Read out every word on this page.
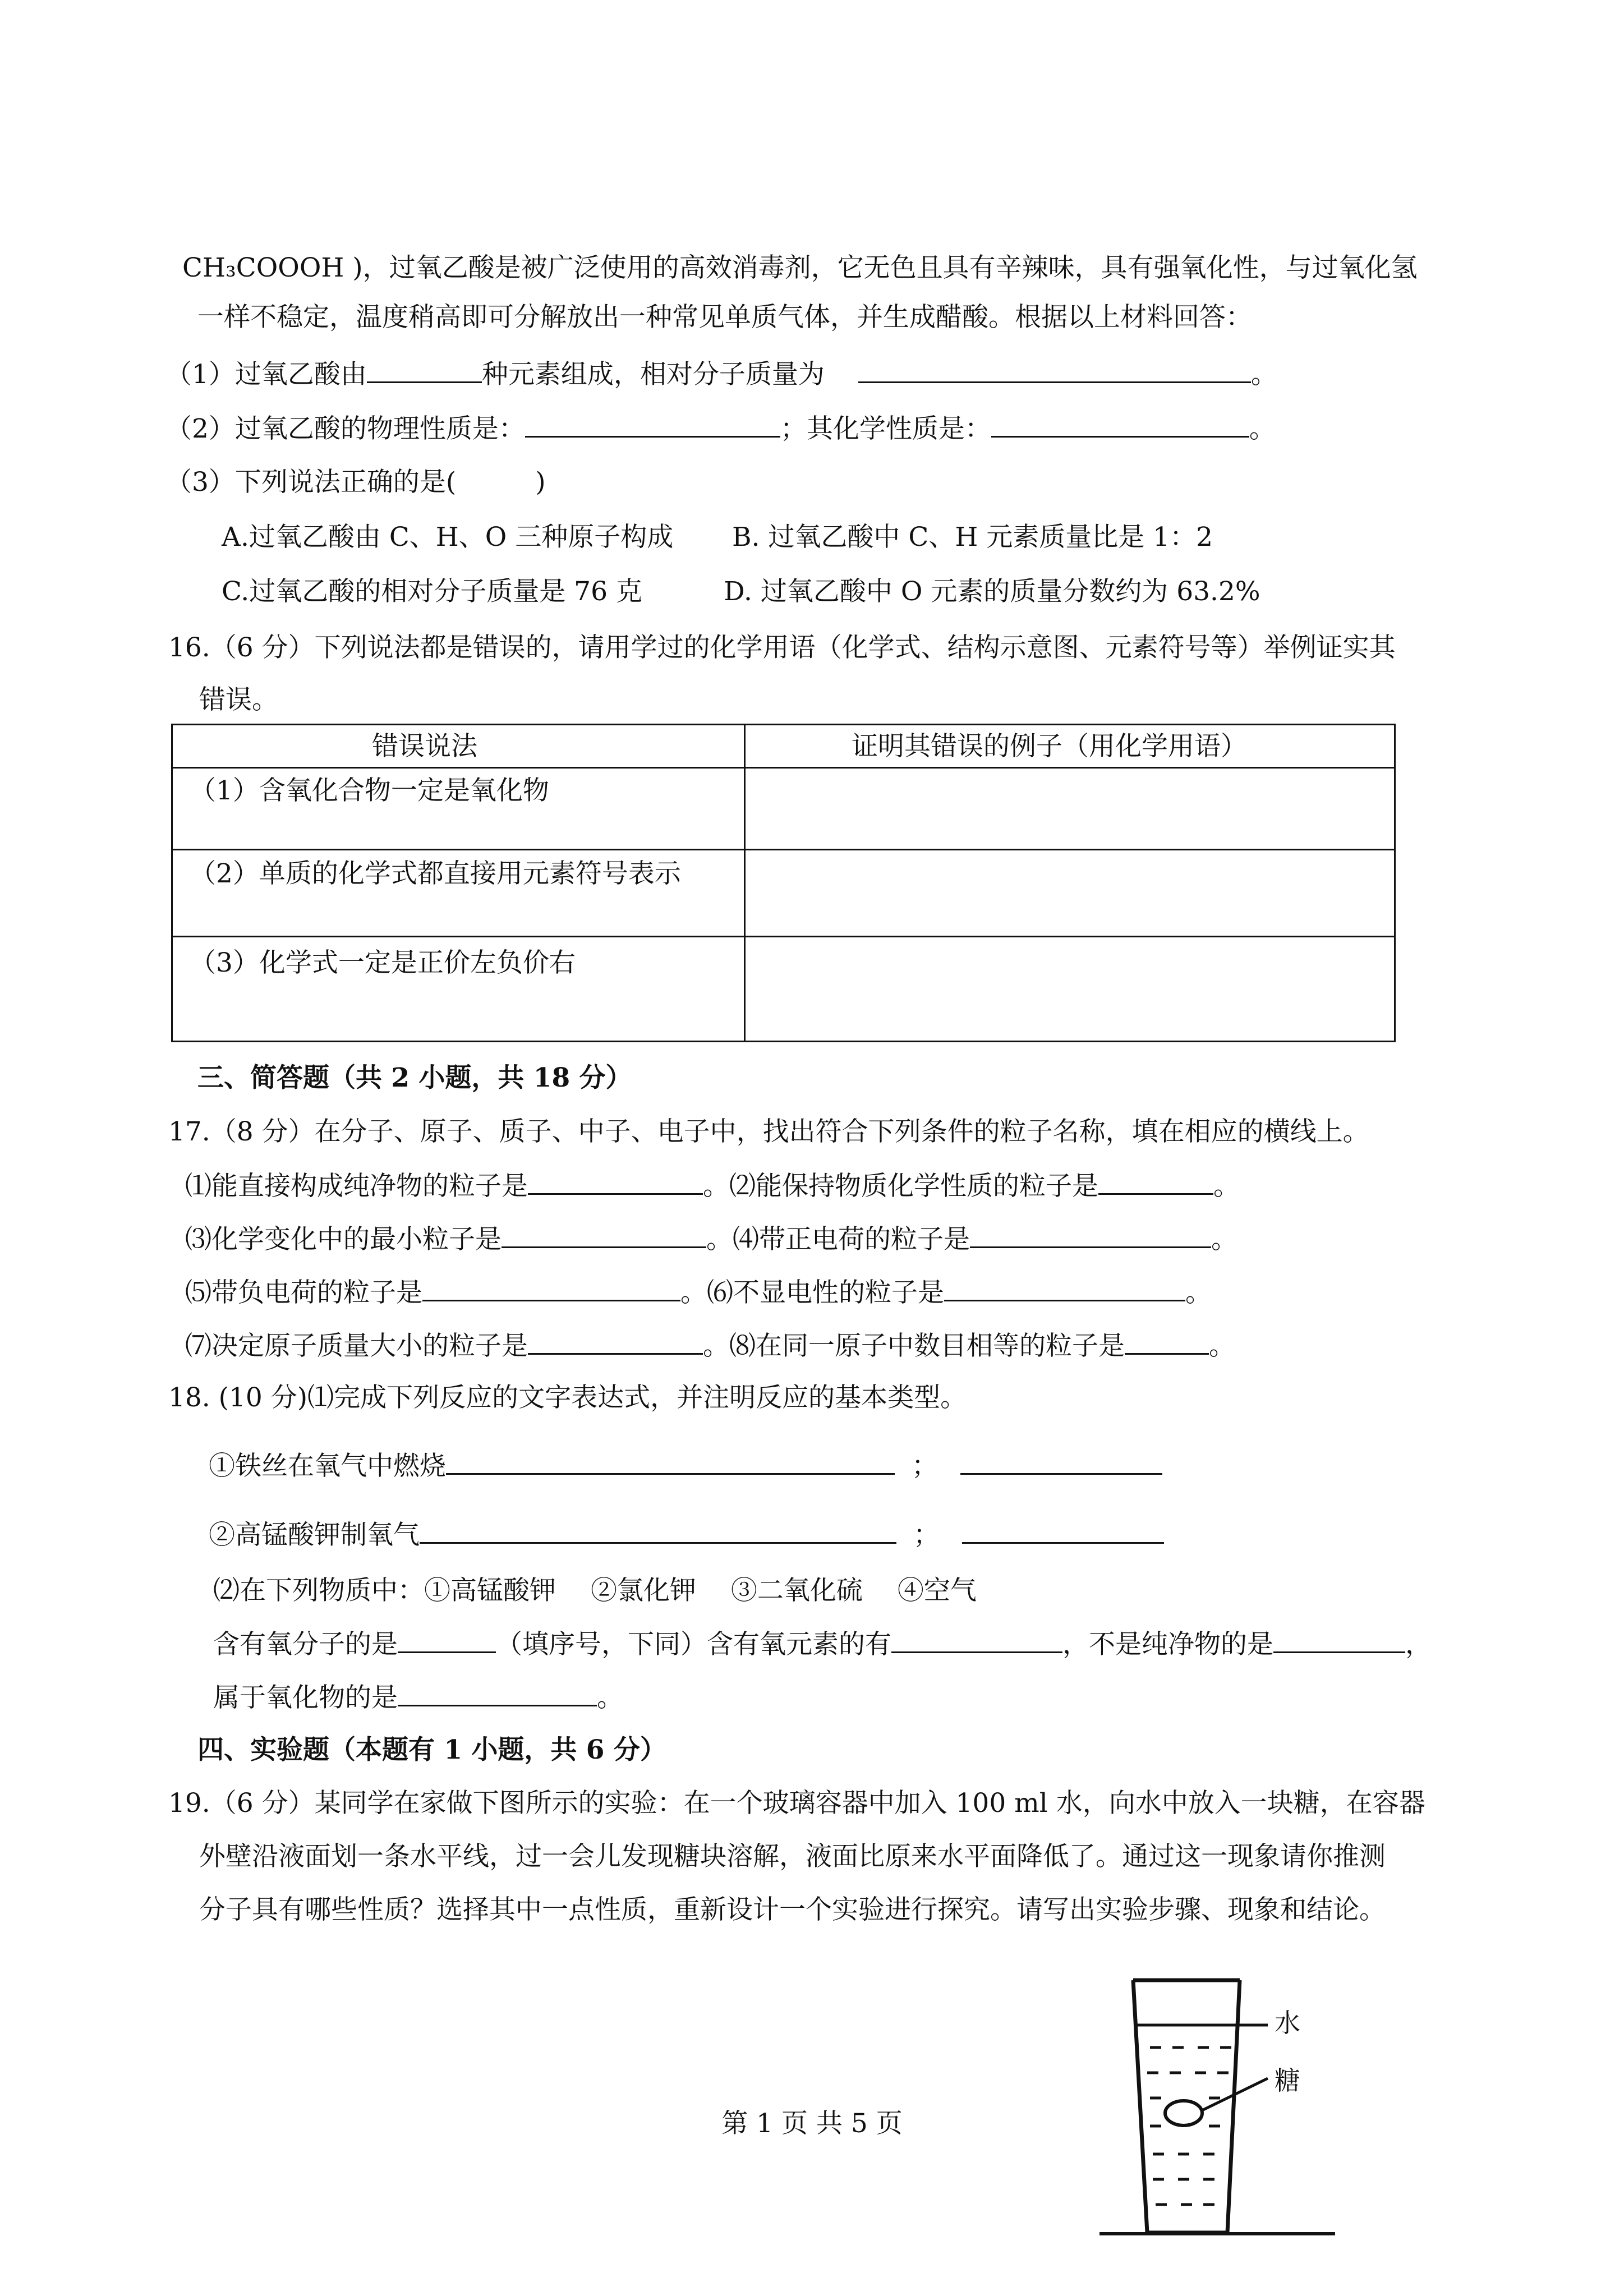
CH₃COOOH )，过氧乙酸是被广泛使用的高效消毒剂，它无色且具有辛辣味，具有强氧化性，与过氧化氢
一样不稳定，温度稍高即可分解放出一种常见单质气体，并生成醋酸。根据以上材料回答：
（1）过氧乙酸由	种元素组成，相对分子质量为	。
（2）过氧乙酸的物理性质是：	；其化学性质是：	。
（3）下列说法正确的是(　　　)
A.过氧乙酸由 C、H、O 三种原子构成 B. 过氧乙酸中 C、H 元素质量比是 1：2
C.过氧乙酸的相对分子质量是 76 克	D. 过氧乙酸中 O 元素的质量分数约为 63.2%
16.（6 分）下列说法都是错误的，请用学过的化学用语（化学式、结构示意图、元素符号等）举例证实其
错误。
错误说法	证明其错误的例子（用化学用语）
（1）含氧化合物一定是氧化物
（2）单质的化学式都直接用元素符号表示
（3）化学式一定是正价左负价右
三、简答题（共 2 小题，共 18 分）
17.（8 分）在分子、原子、质子、中子、电子中，找出符合下列条件的粒子名称，填在相应的横线上。
⑴能直接构成纯净物的粒子是	。⑵能保持物质化学性质的粒子是	。
⑶化学变化中的最小粒子是	。⑷带正电荷的粒子是	。
⑸带负电荷的粒子是	。⑹不显电性的粒子是	。
⑺决定原子质量大小的粒子是	。⑻在同一原子中数目相等的粒子是	。
18. (10 分)⑴完成下列反应的文字表达式，并注明反应的基本类型。
①铁丝在氧气中燃烧	；
②高锰酸钾制氧气	；
⑵在下列物质中：①高锰酸钾　 ②氯化钾　 ③二氧化硫　 ④空气
含有氧分子的是	（填序号，下同）含有氧元素的有	，不是纯净物的是	，
属于氧化物的是	。
四、实验题（本题有 1 小题，共 6 分）
19.（6 分）某同学在家做下图所示的实验：在一个玻璃容器中加入 100 ml 水，向水中放入一块糖，在容器
外壁沿液面划一条水平线，过一会儿发现糖块溶解，液面比原来水平面降低了。通过这一现象请你推测
分子具有哪些性质？选择其中一点性质，重新设计一个实验进行探究。请写出实验步骤、现象和结论。
水
糖
第 1 页 共 5 页
